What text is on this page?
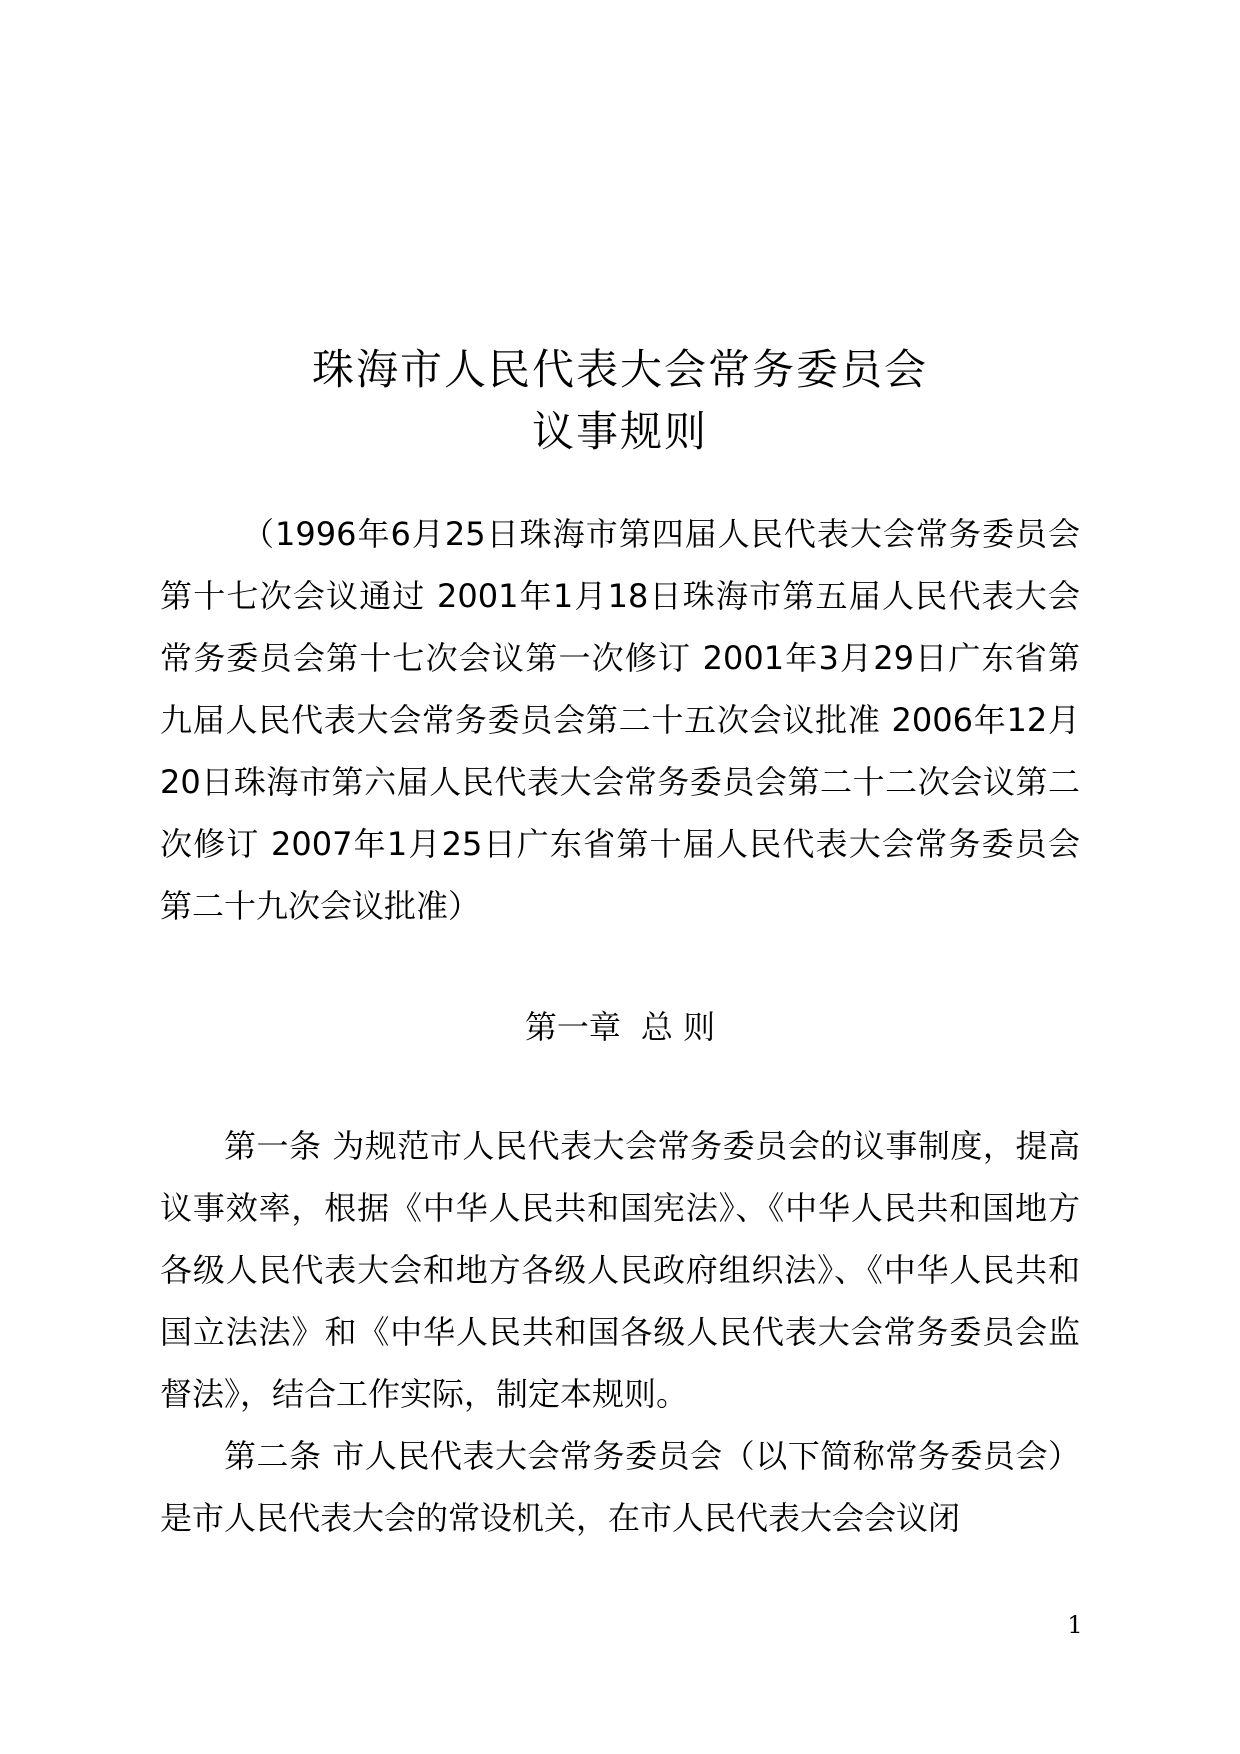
珠海市人民代表大会常务委员会
议事规则
（1996年6月25日珠海市第四届人民代表大会常务委员会第十七次会议通过 2001年1月18日珠海市第五届人民代表大会常务委员会第十七次会议第一次修订 2001年3月29日广东省第九届人民代表大会常务委员会第二十五次会议批准 2006年12月20日珠海市第六届人民代表大会常务委员会第二十二次会议第二次修订 2007年1月25日广东省第十届人民代表大会常务委员会第二十九次会议批准）
第一章 总 则
第一条 为规范市人民代表大会常务委员会的议事制度，提高议事效率，根据《中华人民共和国宪法》、《中华人民共和国地方各级人民代表大会和地方各级人民政府组织法》、《中华人民共和国立法法》和《中华人民共和国各级人民代表大会常务委员会监督法》，结合工作实际，制定本规则。
第二条 市人民代表大会常务委员会（以下简称常务委员会）是市人民代表大会的常设机关，在市人民代表大会会议闭
1
